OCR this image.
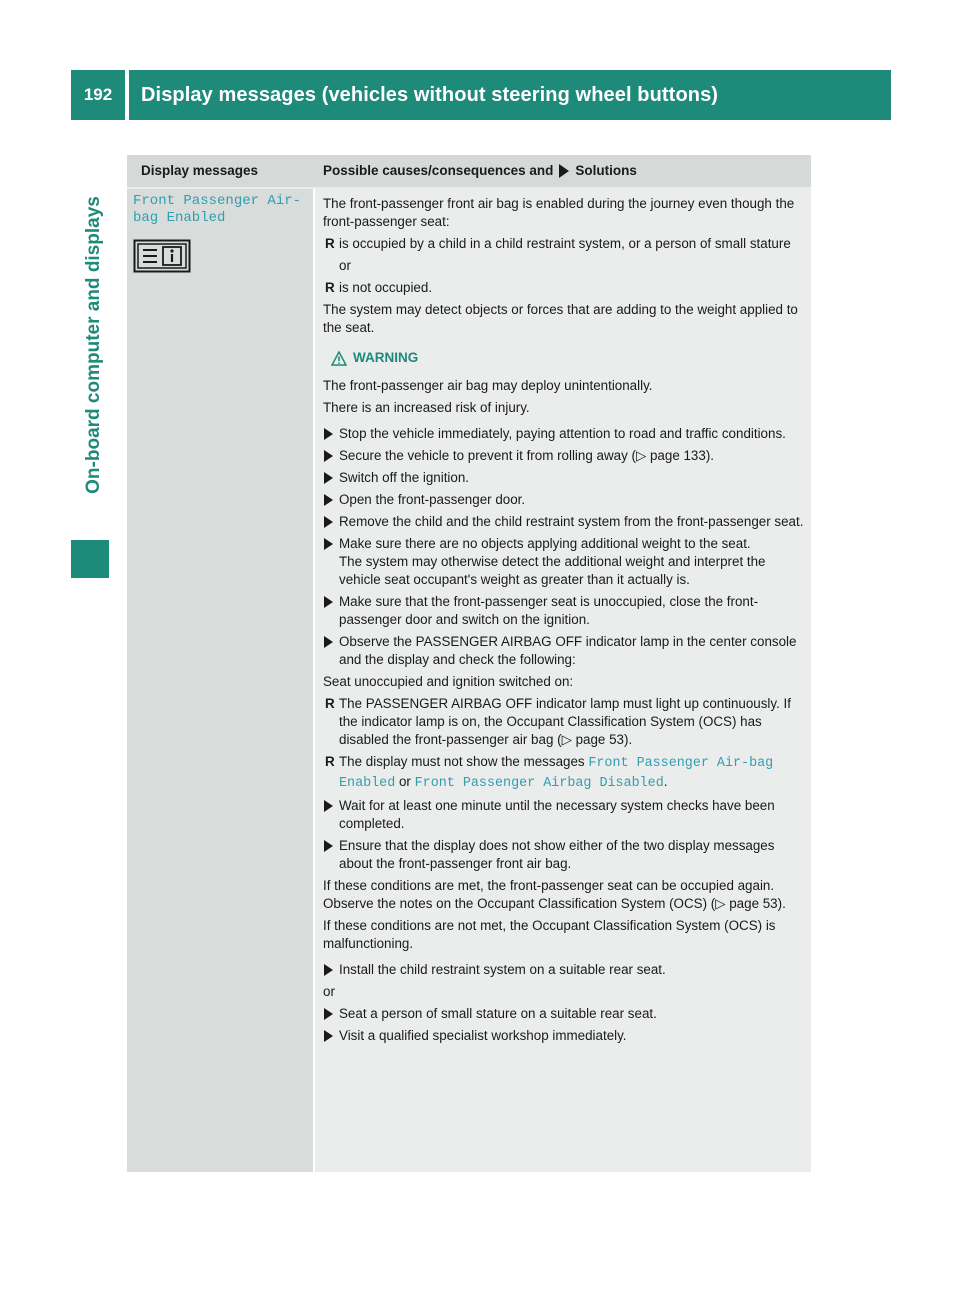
192	Display messages (vehicles without steering wheel buttons)
On-board computer and displays
Display messages	Possible causes/consequences and Solutions
Front Passenger Air‐
bag Enabled

The front-passenger front air bag is enabled during the journey even though the front-passenger seat:

R is occupied by a child in a child restraint system, or a person of small stature
or
R is not occupied.

The system may detect objects or forces that are adding to the weight applied to the seat.

WARNING

The front-passenger air bag may deploy unintentionally.

There is an increased risk of injury.

Stop the vehicle immediately, paying attention to road and traffic conditions.
Secure the vehicle to prevent it from rolling away (▷ page 133).
Switch off the ignition.
Open the front-passenger door.
Remove the child and the child restraint system from the front-passenger seat.
Make sure there are no objects applying additional weight to the seat.
The system may otherwise detect the additional weight and interpret the vehicle seat occupant's weight as greater than it actually is.
Make sure that the front-passenger seat is unoccupied, close the front-passenger door and switch on the ignition.
Observe the PASSENGER AIRBAG OFF indicator lamp in the center console and the display and check the following:

Seat unoccupied and ignition switched on:

R The PASSENGER AIRBAG OFF indicator lamp must light up continuously. If the indicator lamp is on, the Occupant Classification System (OCS) has disabled the front-passenger air bag (▷ page 53).
R The display must not show the messages Front Passenger Air‐bag Enabled or Front Passenger Airbag Disabled.
Wait for at least one minute until the necessary system checks have been completed.
Ensure that the display does not show either of the two display messages about the front-passenger front air bag.

If these conditions are met, the front-passenger seat can be occupied again. Observe the notes on the Occupant Classification System (OCS) (▷ page 53).

If these conditions are not met, the Occupant Classification System (OCS) is malfunctioning.

Install the child restraint system on a suitable rear seat.

or

Seat a person of small stature on a suitable rear seat.
Visit a qualified specialist workshop immediately.
